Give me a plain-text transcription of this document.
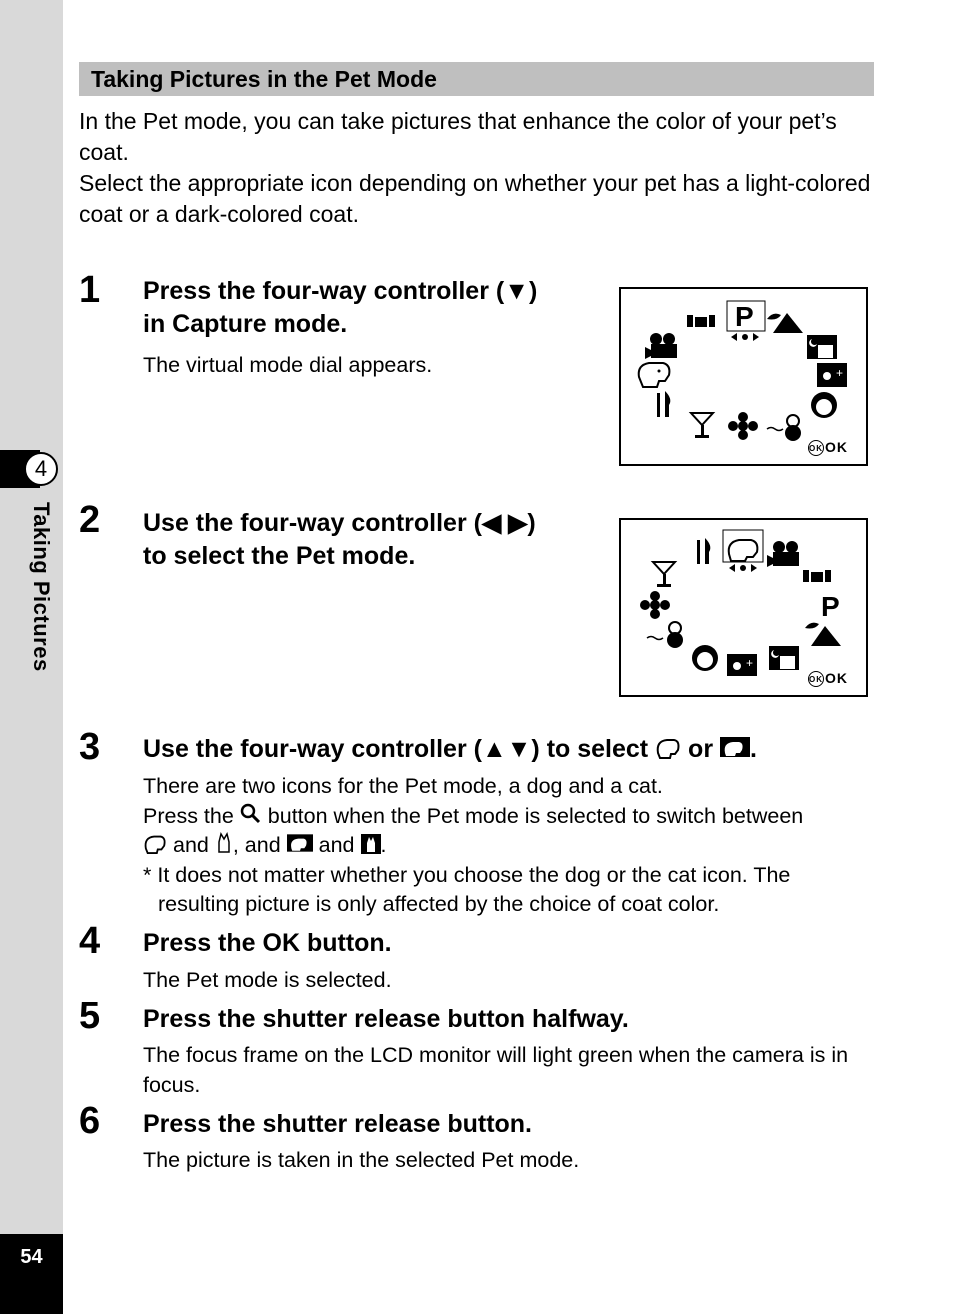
4
Taking Pictures
54
Taking Pictures in the Pet Mode

In the Pet mode, you can take pictures that enhance the color of your pet’s coat.

Select the appropriate icon depending on whether your pet has a light-colored coat or a dark-colored coat.

1 Press the four-way controller (▼)
in Capture mode.
The virtual mode dial appears.
P
+
OK OK
2 Use the four-way controller (◀ ▶)
to select the Pet mode.
P
+
OK OK
3 Use the four-way controller (▲▼) to select or .

There are two icons for the Pet mode, a dog and a cat.

Press the button when the Pet mode is selected to switch between

and , and and .

* It does not matter whether you choose the dog or the cat icon. The

resulting picture is only affected by the choice of coat color.

4 Press the OK button.
The Pet mode is selected.
5 Press the shutter release button halfway.
The focus frame on the LCD monitor will light green when the camera is in focus.
6 Press the shutter release button.
The picture is taken in the selected Pet mode.
